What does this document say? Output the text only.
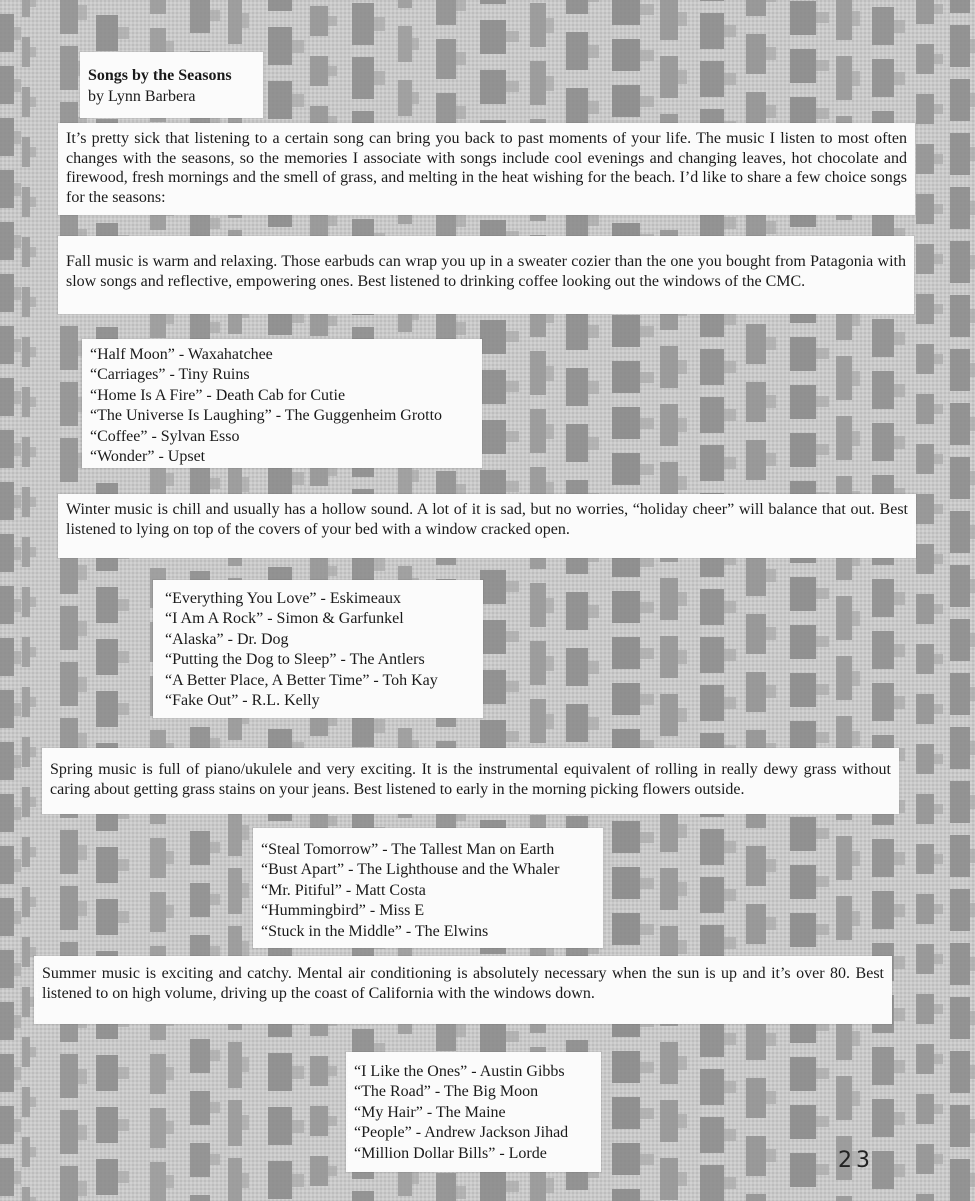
Songs by the Seasons
by Lynn Barbera
It’s pretty sick that listening to a certain song can bring you back to past moments of your life. The music I listen to most often changes with the seasons, so the memories I associate with songs include cool evenings and changing leaves, hot chocolate and firewood, fresh mornings and the smell of grass, and melting in the heat wishing for the beach. I’d like to share a few choice songs for the seasons:
Fall music is warm and relaxing. Those earbuds can wrap you up in a sweater cozier than the one you bought from Patagonia with slow songs and reflective, empowering ones. Best listened to drinking coffee looking out the windows of the CMC.
“Half Moon” - Waxahatchee
“Carriages” - Tiny Ruins
“Home Is A Fire” - Death Cab for Cutie
“The Universe Is Laughing” - The Guggenheim Grotto
“Coffee” - Sylvan Esso
“Wonder” - Upset
Winter music is chill and usually has a hollow sound. A lot of it is sad, but no worries, “holiday cheer” will balance that out. Best listened to lying on top of the covers of your bed with a window cracked open.
“Everything You Love” - Eskimeaux
“I Am A Rock” - Simon & Garfunkel
“Alaska” - Dr. Dog
“Putting the Dog to Sleep” - The Antlers
“A Better Place, A Better Time” - Toh Kay
“Fake Out” - R.L. Kelly
Spring music is full of piano/ukulele and very exciting. It is the instrumental equivalent of rolling in really dewy grass without caring about getting grass stains on your jeans. Best listened to early in the morning picking flowers outside.
“Steal Tomorrow” - The Tallest Man on Earth
“Bust Apart” - The Lighthouse and the Whaler
“Mr. Pitiful” - Matt Costa
“Hummingbird” - Miss E
“Stuck in the Middle” - The Elwins
Summer music is exciting and catchy. Mental air conditioning is absolutely necessary when the sun is up and it’s over 80. Best listened to on high volume, driving up the coast of California with the windows down.
“I Like the Ones” - Austin Gibbs
“The Road” - The Big Moon
“My Hair” - The Maine
“People” - Andrew Jackson Jihad
“Million Dollar Bills” - Lorde	23
